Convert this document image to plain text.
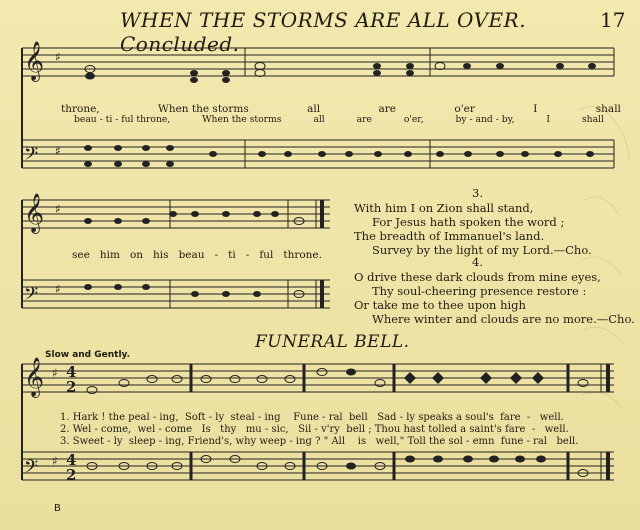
WHEN THE STORMS ARE ALL OVER. Concluded.
17
𝄞
𝄢
𝄞
𝄢
𝄞
𝄢
♯
♯
♯
♯
♯
♯
4
2
4
2
throne,	When the storms	all	are	o'er	I	shall
beau - ti - ful throne,	When the storms	all	are	o'er,	by - and - by,	I	shall
see him on his beau - ti - ful throne.
3.
With him I on Zion shall stand,
For Jesus hath spoken the word ;
The breadth of Immanuel's land.
Survey by the light of my Lord.—Cho.
4.
O drive these dark clouds from mine eyes,
Thy soul-cheering presence restore :
Or take me to thee upon high
Where winter and clouds are no more.—Cho.
FUNERAL BELL.
Slow and Gently.
1. Hark ! the peal - ing,  Soft - ly  steal - ing    Fune - ral  bell   Sad - ly speaks a soul's  fare  -   well.
2. Wel - come,  wel - come   Is   thy   mu - sic,   Sil - v'ry  bell ; Thou hast tolled a saint's fare  -   well.
3. Sweet - ly  sleep - ing, Friend's, why weep - ing ? " All    is   well," Toll the sol - emn  fune - ral   bell.
B
